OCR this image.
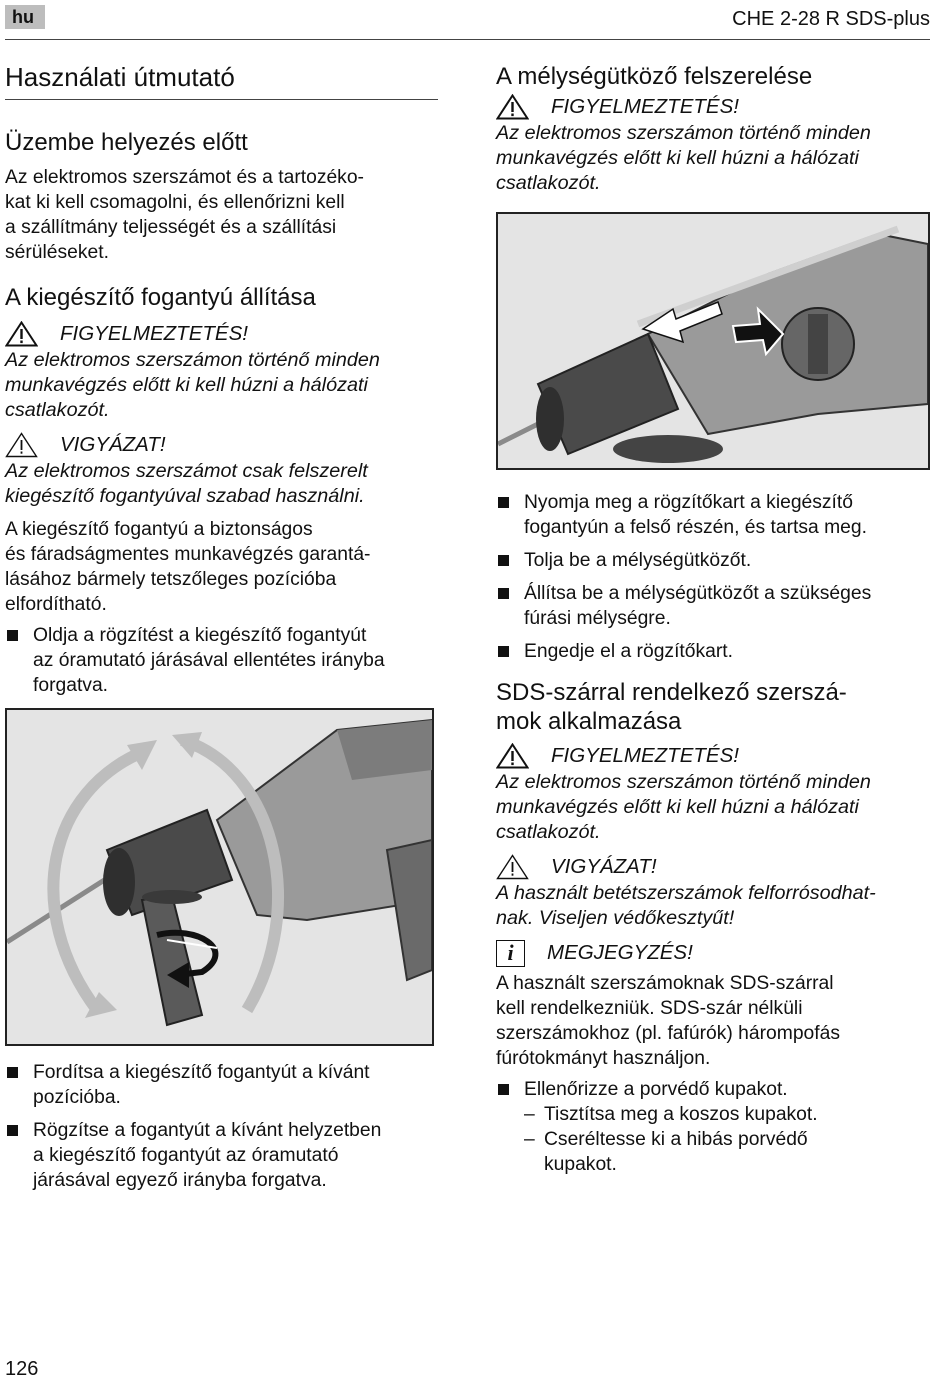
hu	CHE 2-28 R SDS-plus
Használati útmutató
Üzembe helyezés előtt

Az elektromos szerszámot és a tartozéko-

kat ki kell csomagolni, és ellenőrizni kell

a szállítmány teljességét és a szállítási

sérüléseket.

A kiegészítő fogantyú állítása
FIGYELMEZTETÉS!
Az elektromos szerszámon történő minden
munkavégzés előtt ki kell húzni a hálózati
csatlakozót.
VIGYÁZAT!
Az elektromos szerszámot csak felszerelt
kiegészítő fogantyúval szabad használni.

A kiegészítő fogantyú a biztonságos

és fáradságmentes munkavégzés garantá-

lásához bármely tetszőleges pozícióba

elfordítható.

Oldja a rögzítést a kiegészítő fogantyút
az óramutató járásával ellentétes irányba
forgatva.
Fordítsa a kiegészítő fogantyút a kívánt
pozícióba.
Rögzítse a fogantyút a kívánt helyzetben
a kiegészítő fogantyút az óramutató
járásával egyező irányba forgatva.
A mélységütköző felszerelése
FIGYELMEZTETÉS!
Az elektromos szerszámon történő minden
munkavégzés előtt ki kell húzni a hálózati
csatlakozót.
Nyomja meg a rögzítőkart a kiegészítő
fogantyún a felső részén, és tartsa meg.
Tolja be a mélységütközőt.
Állítsa be a mélységütközőt a szükséges
fúrási mélységre.
Engedje el a rögzítőkart.
SDS-szárral rendelkező szerszá-
mok alkalmazása
FIGYELMEZTETÉS!
Az elektromos szerszámon történő minden
munkavégzés előtt ki kell húzni a hálózati
csatlakozót.
VIGYÁZAT!
A használt betétszerszámok felforrósodhat-
nak. Viseljen védőkesztyűt!
i	MEGJEGYZÉS!

A használt szerszámoknak SDS-szárral

kell rendelkezniük. SDS-szár nélküli

szerszámokhoz (pl. fafúrók) hárompofás

fúrótokmányt használjon.

Ellenőrizze a porvédő kupakot.
– Tisztítsa meg a koszos kupakot.
– Cseréltesse ki a hibás porvédő
kupakot.
126
